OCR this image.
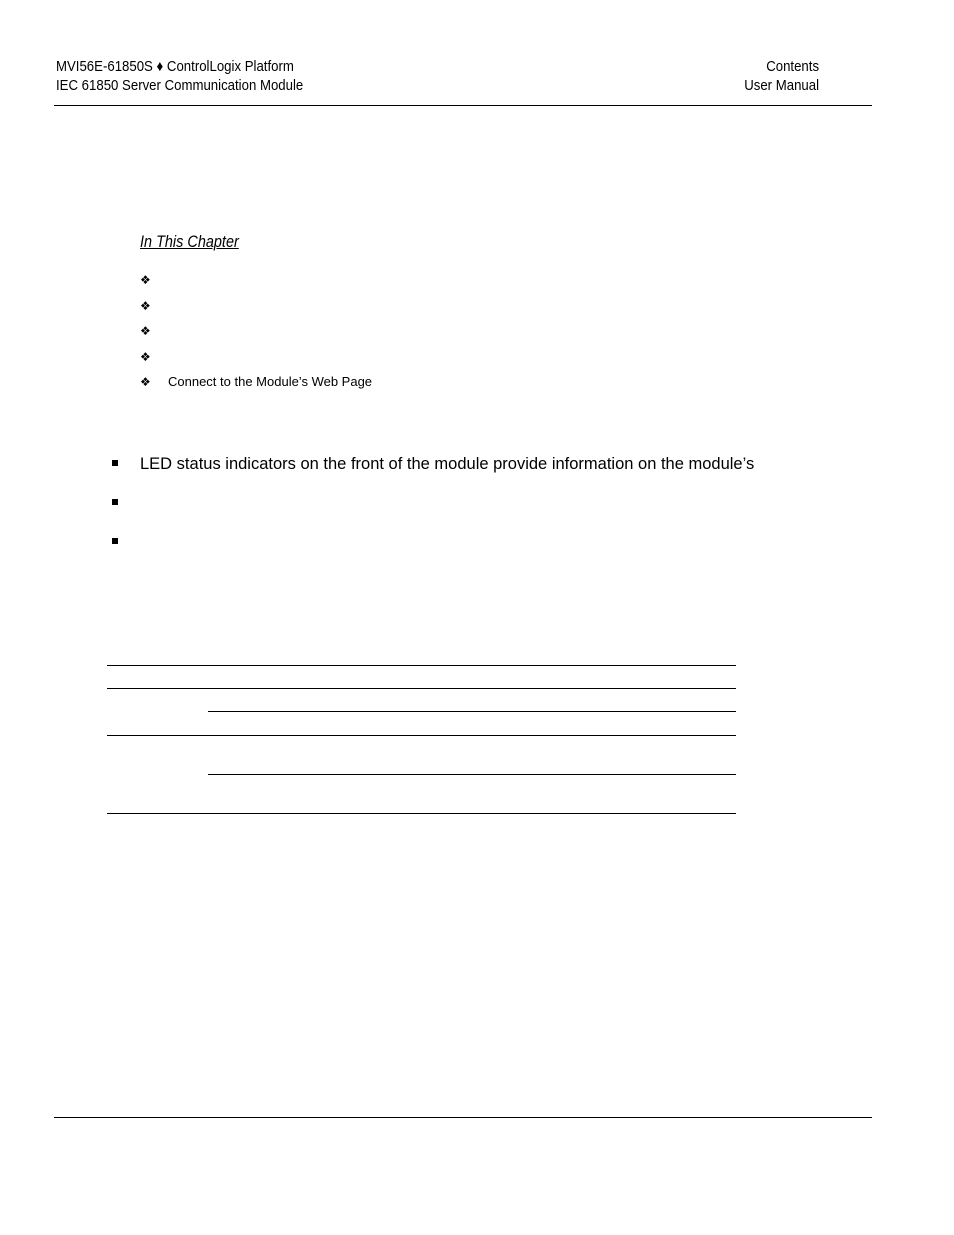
MVI56E-61850S ♦ ControlLogix Platform
IEC 61850 Server Communication Module
Contents
User Manual
In This Chapter
❖
❖
❖
❖
❖ Connect to the Module’s Web Page
LED status indicators on the front of the module provide information on the module’s
